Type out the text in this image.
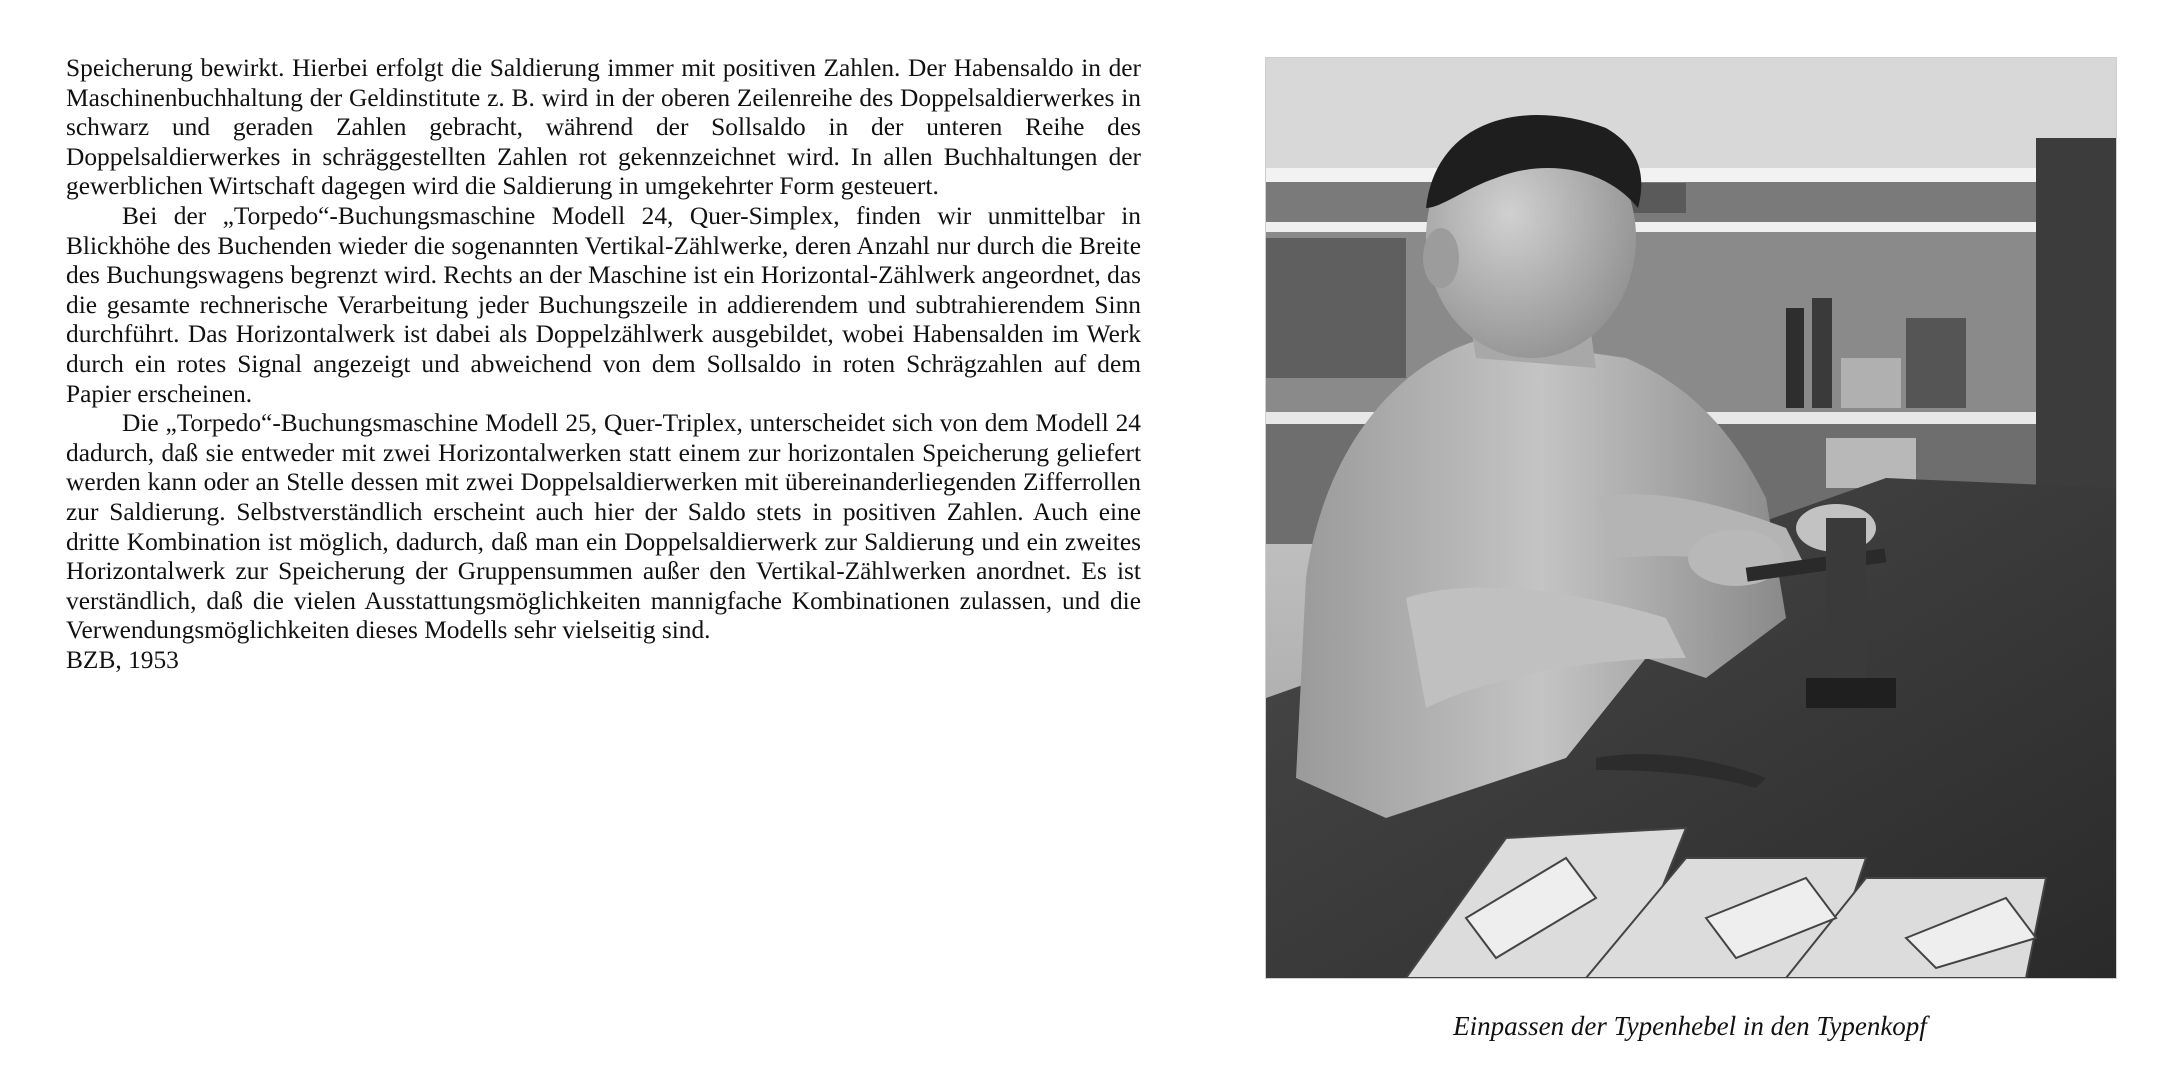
Speicherung bewirkt. Hierbei erfolgt die Saldierung immer mit positiven Zahlen. Der Habensaldo in der Maschinenbuchhaltung der Geldinstitute z. B. wird in der oberen Zeilenreihe des Doppelsaldierwerkes in schwarz und geraden Zahlen gebracht, während der Sollsaldo in der unteren Reihe des Doppelsaldierwerkes in schräggestellten Zahlen rot gekennzeichnet wird. In allen Buchhaltungen der gewerblichen Wirtschaft dagegen wird die Saldierung in umgekehrter Form gesteuert.

Bei der „Torpedo“-Buchungsmaschine Modell 24, Quer-Simplex, finden wir unmittelbar in Blickhöhe des Buchenden wieder die sogenannten Vertikal-Zählwerke, deren Anzahl nur durch die Breite des Buchungswagens begrenzt wird. Rechts an der Maschine ist ein Horizontal-Zählwerk angeordnet, das die gesamte rechnerische Verarbeitung jeder Buchungszeile in addierendem und subtrahierendem Sinn durchführt. Das Horizontalwerk ist dabei als Doppelzählwerk ausgebildet, wobei Habensalden im Werk durch ein rotes Signal angezeigt und abweichend von dem Sollsaldo in roten Schrägzahlen auf dem Papier erscheinen.

Die „Torpedo“-Buchungsmaschine Modell 25, Quer-Triplex, unterscheidet sich von dem Modell 24 dadurch, daß sie entweder mit zwei Horizontalwerken statt einem zur horizontalen Speicherung geliefert werden kann oder an Stelle dessen mit zwei Doppelsaldierwerken mit übereinanderliegenden Zifferrollen zur Saldierung. Selbstverständlich erscheint auch hier der Saldo stets in positiven Zahlen. Auch eine dritte Kombination ist möglich, dadurch, daß man ein Doppelsaldierwerk zur Saldierung und ein zweites Horizontalwerk zur Speicherung der Gruppensummen außer den Vertikal-Zählwerken anordnet. Es ist verständlich, daß die vielen Ausstattungsmöglichkeiten mannigfache Kombinationen zulassen, und die Verwendungsmöglichkeiten dieses Modells sehr vielseitig sind.

BZB, 1953

Einpassen der Typenhebel in den Typenkopf
